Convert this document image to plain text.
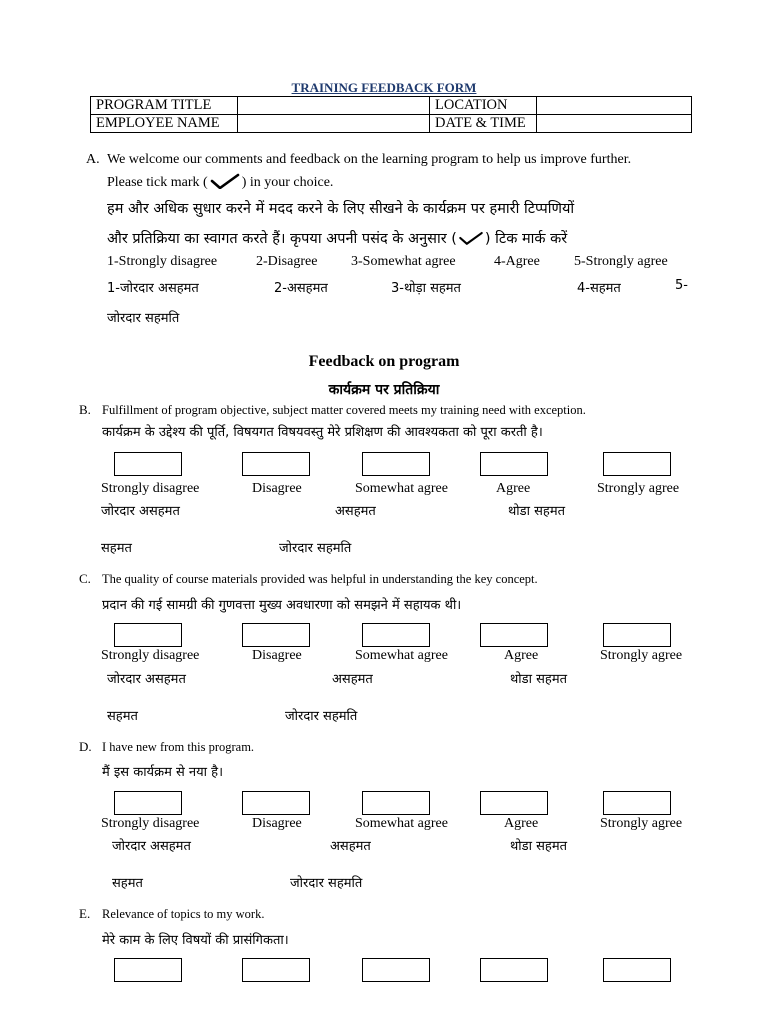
TRAINING FEEDBACK FORM
PROGRAM TITLE		LOCATION	
EMPLOYEE NAME		DATE & TIME	
A. We welcome our comments and feedback on the learning program to help us improve further.
Please tick mark ( ) in your choice.
हम और अधिक सुधार करने में मदद करने के लिए सीखने के कार्यक्रम पर हमारी टिप्पणियों
और प्रतिक्रिया का स्वागत करते हैं। कृपया अपनी पसंद के अनुसार ( ) टिक मार्क करें
1-Strongly disagree	2-Disagree 3-Somewhat agree	4-Agree 5-Strongly agree
1-जोरदार असहमत	2-असहमत	3-थोड़ा सहमत	4-सहमत	5-
जोरदार सहमति
Feedback on program
कार्यक्रम पर प्रतिक्रिया
B. Fulfillment of program objective, subject matter covered meets my training need with exception.
कार्यक्रम के उद्देश्य की पूर्ति, विषयगत विषयवस्तु मेरे प्रशिक्षण की आवश्यकता को पूरा करती है।
Strongly disagree	Disagree	Somewhat agree	Agree	Strongly agree
जोरदार असहमत	असहमत	थोडा सहमत
सहमत	जोरदार सहमति
C. The quality of course materials provided was helpful in understanding the key concept.
प्रदान की गई सामग्री की गुणवत्ता मुख्य अवधारणा को समझने में सहायक थी।
Strongly disagree	Disagree	Somewhat agree	Agree	Strongly agree
जोरदार असहमत	असहमत	थोडा सहमत
सहमत	जोरदार सहमति
D. I have new from this program.
मैं इस कार्यक्रम से नया है।
Strongly disagree	Disagree	Somewhat agree	Agree	Strongly agree
जोरदार असहमत	असहमत	थोडा सहमत
सहमत	जोरदार सहमति
E. Relevance of topics to my work.
मेरे काम के लिए विषयों की प्रासंगिकता।
